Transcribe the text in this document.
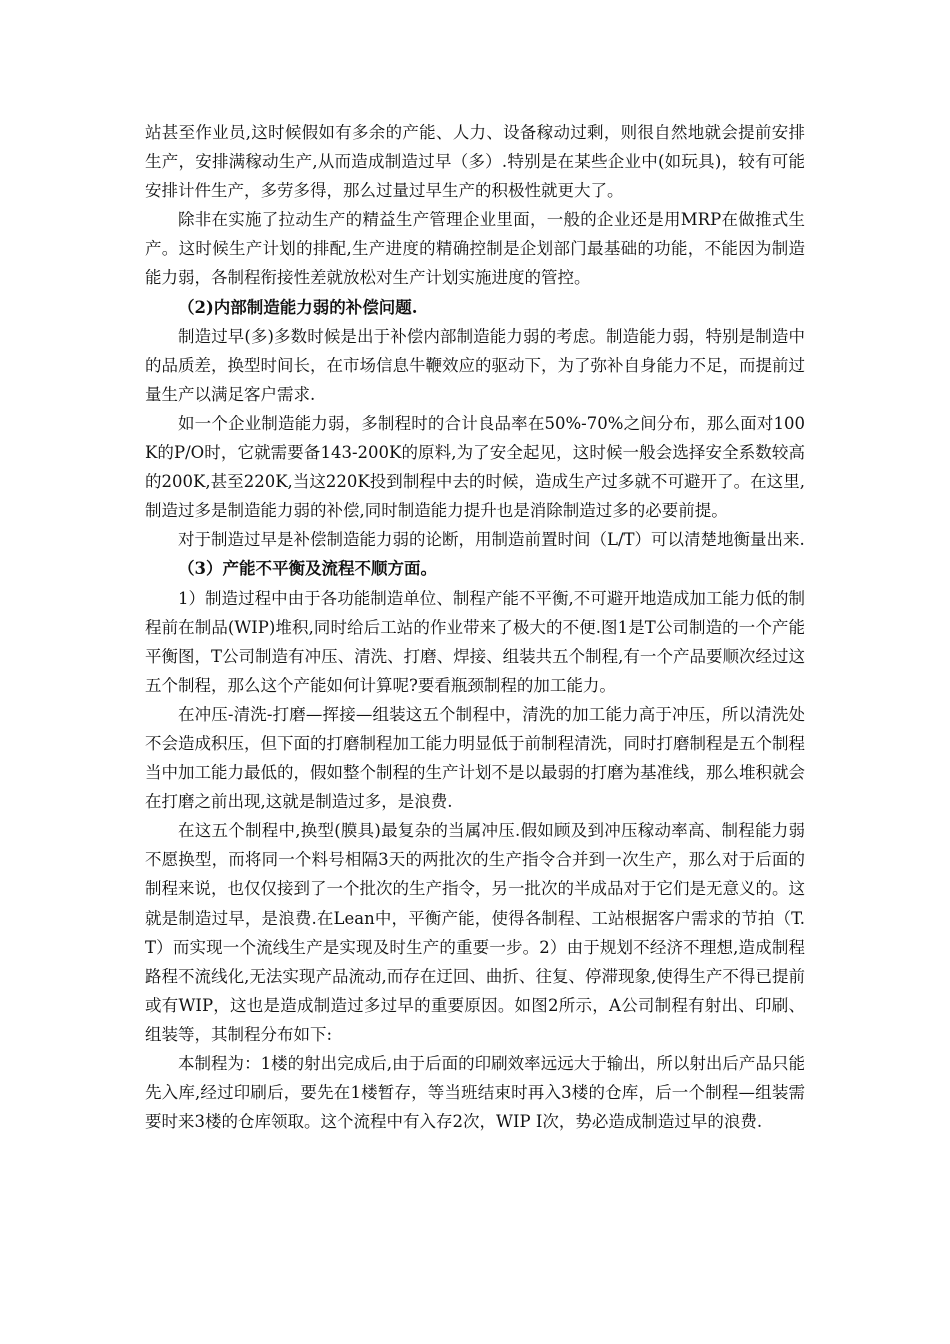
站甚至作业员,这时候假如有多余的产能、人力、设备稼动过剩，则很自然地就会提前安排生产，安排满稼动生产,从而造成制造过早（多）.特别是在某些企业中(如玩具)，较有可能安排计件生产，多劳多得，那么过量过早生产的积极性就更大了。

除非在实施了拉动生产的精益生产管理企业里面，一般的企业还是用MRP在做推式生产。这时候生产计划的排配,生产进度的精确控制是企划部门最基础的功能，不能因为制造能力弱，各制程衔接性差就放松对生产计划实施进度的管控。

（2)内部制造能力弱的补偿问题.

制造过早(多)多数时候是出于补偿内部制造能力弱的考虑。制造能力弱，特别是制造中的品质差，换型时间长，在市场信息牛鞭效应的驱动下，为了弥补自身能力不足，而提前过量生产以满足客户需求.

如一个企业制造能力弱，多制程时的合计良品率在50%-70%之间分布，那么面对100K的P/O时，它就需要备143-200K的原料,为了安全起见，这时候一般会选择安全系数较高的200K,甚至220K,当这220K投到制程中去的时候，造成生产过多就不可避开了。在这里,制造过多是制造能力弱的补偿,同时制造能力提升也是消除制造过多的必要前提。

对于制造过早是补偿制造能力弱的论断，用制造前置时间（L/T）可以清楚地衡量出来.

（3）产能不平衡及流程不顺方面。

1）制造过程中由于各功能制造单位、制程产能不平衡,不可避开地造成加工能力低的制程前在制品(WIP)堆积,同时给后工站的作业带来了极大的不便.图1是T公司制造的一个产能平衡图，T公司制造有冲压、清洗、打磨、焊接、组装共五个制程,有一个产品要顺次经过这五个制程，那么这个产能如何计算呢?要看瓶颈制程的加工能力。

在冲压-清洗-打磨—挥接—组装这五个制程中，清洗的加工能力高于冲压，所以清洗处不会造成积压，但下面的打磨制程加工能力明显低于前制程清洗，同时打磨制程是五个制程当中加工能力最低的，假如整个制程的生产计划不是以最弱的打磨为基准线，那么堆积就会在打磨之前出现,这就是制造过多，是浪费.

在这五个制程中,换型(膜具)最复杂的当属冲压.假如顾及到冲压稼动率高、制程能力弱不愿换型，而将同一个料号相隔3天的两批次的生产指令合并到一次生产，那么对于后面的制程来说，也仅仅接到了一个批次的生产指令，另一批次的半成品对于它们是无意义的。这就是制造过早，是浪费.在Lean中，平衡产能，使得各制程、工站根据客户需求的节拍（T.T）而实现一个流线生产是实现及时生产的重要一步。2）由于规划不经济不理想,造成制程路程不流线化,无法实现产品流动,而存在迂回、曲折、往复、停滞现象,使得生产不得已提前或有WIP，这也是造成制造过多过早的重要原因。如图2所示，A公司制程有射出、印刷、组装等，其制程分布如下:

本制程为：1楼的射出完成后,由于后面的印刷效率远远大于输出，所以射出后产品只能先入库,经过印刷后，要先在1楼暂存，等当班结束时再入3楼的仓库，后一个制程—组装需要时来3楼的仓库领取。这个流程中有入存2次，WIP I次，势必造成制造过早的浪费.
